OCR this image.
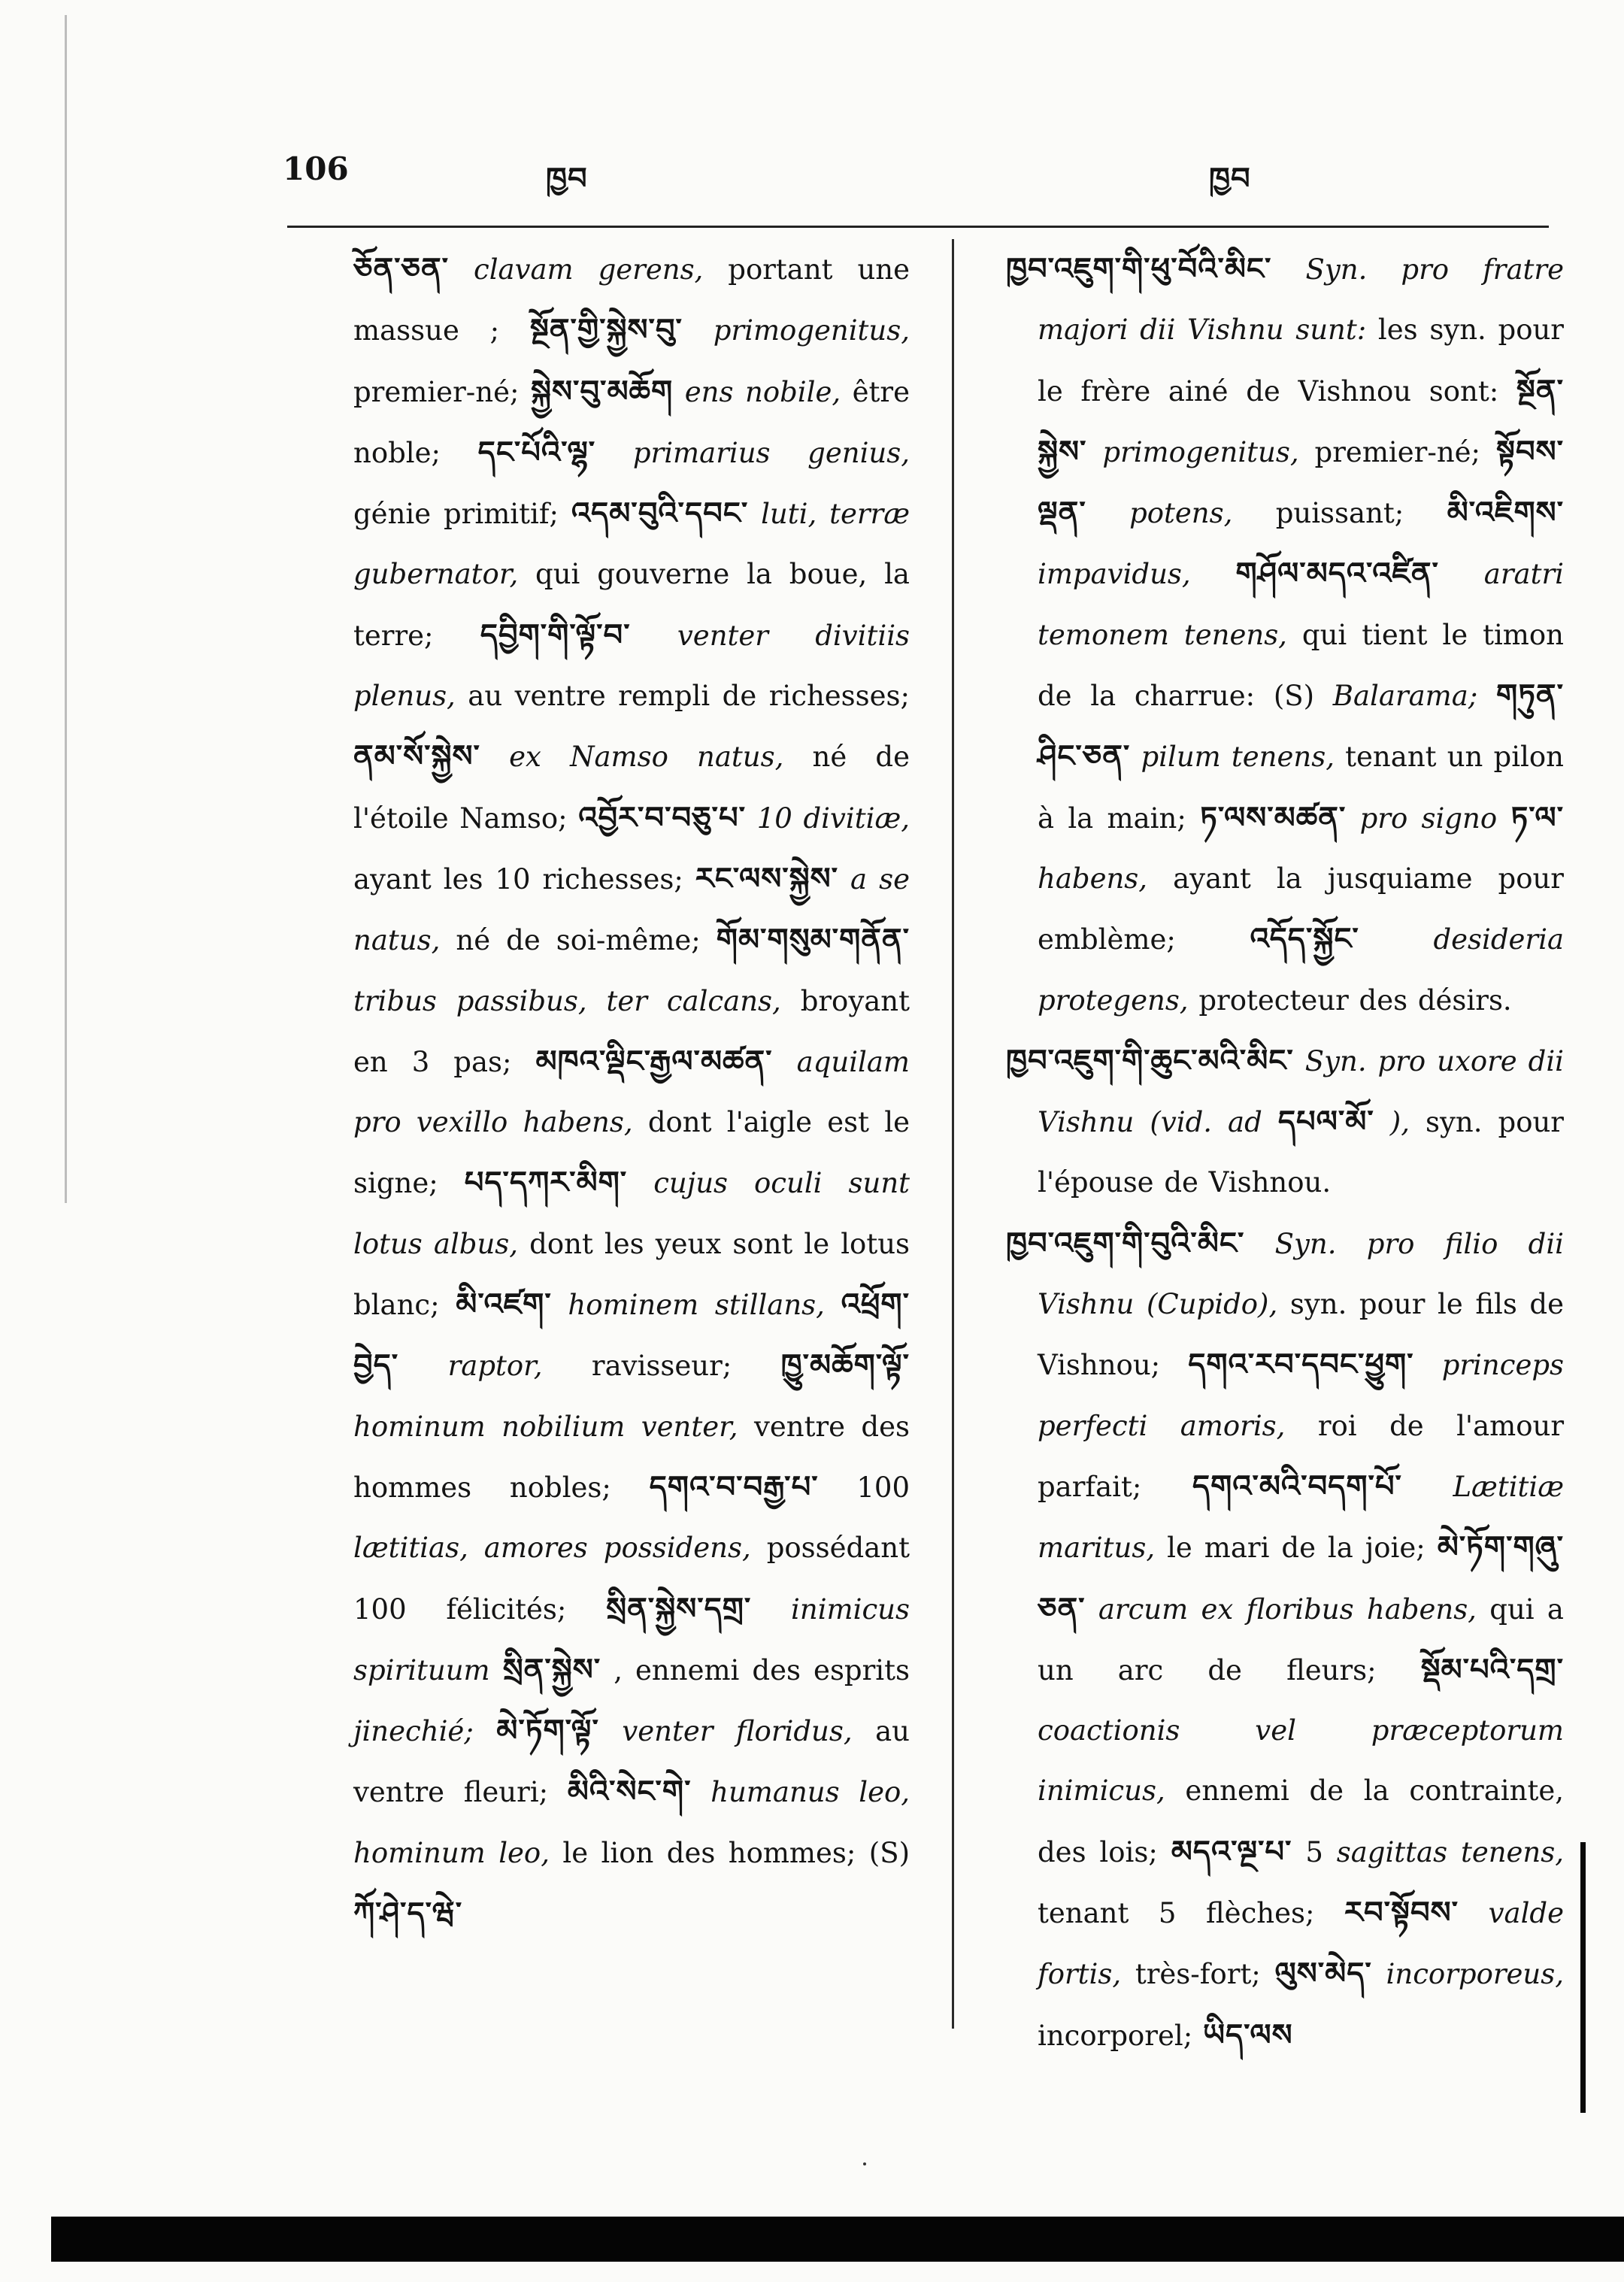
106	ཁྱབ	ཁྱབ

ཅོན་ཅན་ clavam gerens, portant une massue ; སྔོན་གྱི་སྐྱེས་བུ་ primogenitus, premier-né; སྐྱེས་བུ་མཆོག ens nobile, être noble; དང་པོའི་ལྷ་ primarius genius, génie primitif; འདམ་བུའི་དབང་ luti, terræ gubernator, qui gouverne la boue, la terre; དབྱིག་གི་ལྟོ་བ་ venter divitiis plenus, au ventre rempli de richesses; ནམ་སོ་སྐྱེས་ ex Namso natus, né de l'étoile Namso; འབྱོར་བ་བཅུ་པ་ 10 divitiæ, ayant les 10 richesses; རང་ལས་སྐྱེས་ a se natus, né de soi-même; གོམ་གསུམ་གནོན་ tribus passibus, ter calcans, broyant en 3 pas; མཁའ་ལྡིང་རྒྱལ་མཚན་ aquilam pro vexillo habens, dont l'aigle est le signe; པད་དཀར་མིག་ cujus oculi sunt lotus albus, dont les yeux sont le lotus blanc; མི་འཛག་ hominem stillans, འཕྲོག་བྱེད་ raptor, ravisseur; ཁྱུ་མཆོག་ལྟོ་ hominum nobilium venter, ventre des hommes nobles; དགའ་བ་བརྒྱ་པ་ 100 lætitias, amores possidens, possédant 100 félicités; སྲིན་སྐྱེས་དགྲ་ inimicus spirituum སྲིན་སྐྱེས་ , ennemi des esprits jinechié; མེ་ཏོག་ལྟོ་ venter floridus, au ventre fleuri; མིའི་སེང་གེ་ humanus leo, hominum leo, le lion des hommes; (S) ཀོ་ཤེ་ད་ཝེ་

ཁྱབ་འཇུག་གི་ཕུ་བོའི་མིང་ Syn. pro fratre majori dii Vishnu sunt: les syn. pour le frère ainé de Vishnou sont: སྔོན་སྐྱེས་ primogenitus, premier-né; སྟོབས་ལྡན་ potens, puissant; མི་འཇིགས་ impavidus, གཤོལ་མདའ་འཛིན་ aratri temonem tenens, qui tient le timon de la charrue: (S) Balarama; གཏུན་ཤིང་ཅན་ pilum tenens, tenant un pilon à la main; ཏ་ལས་མཚན་ pro signo ཏ་ལ་ habens, ayant la jusquiame pour emblème; འདོད་སྐྱོང་	desideria protegens, protecteur des désirs.

ཁྱབ་འཇུག་གི་ཆུང་མའི་མིང་ Syn. pro uxore dii Vishnu (vid. ad དཔལ་མོ་ ), syn. pour l'épouse de Vishnou.

ཁྱབ་འཇུག་གི་བུའི་མིང་ Syn. pro filio dii Vishnu (Cupido), syn. pour le fils de Vishnou; དགའ་རབ་དབང་ཕྱུག་ princeps perfecti amoris, roi de l'amour parfait; དགའ་མའི་བདག་པོ་ Lætitiæ maritus, le mari de la joie; མེ་ཏོག་གཞུ་ཅན་ arcum ex floribus habens, qui a un arc de fleurs; སྡོམ་པའི་དགྲ་ coactionis vel præceptorum inimicus, ennemi de la contrainte, des lois; མདའ་ལྔ་པ་ 5 sagittas tenens, tenant 5 flèches; རབ་སྟོབས་ valde fortis, très-fort; ལུས་མེད་ incorporeus, incorporel; ཡིད་ལས
